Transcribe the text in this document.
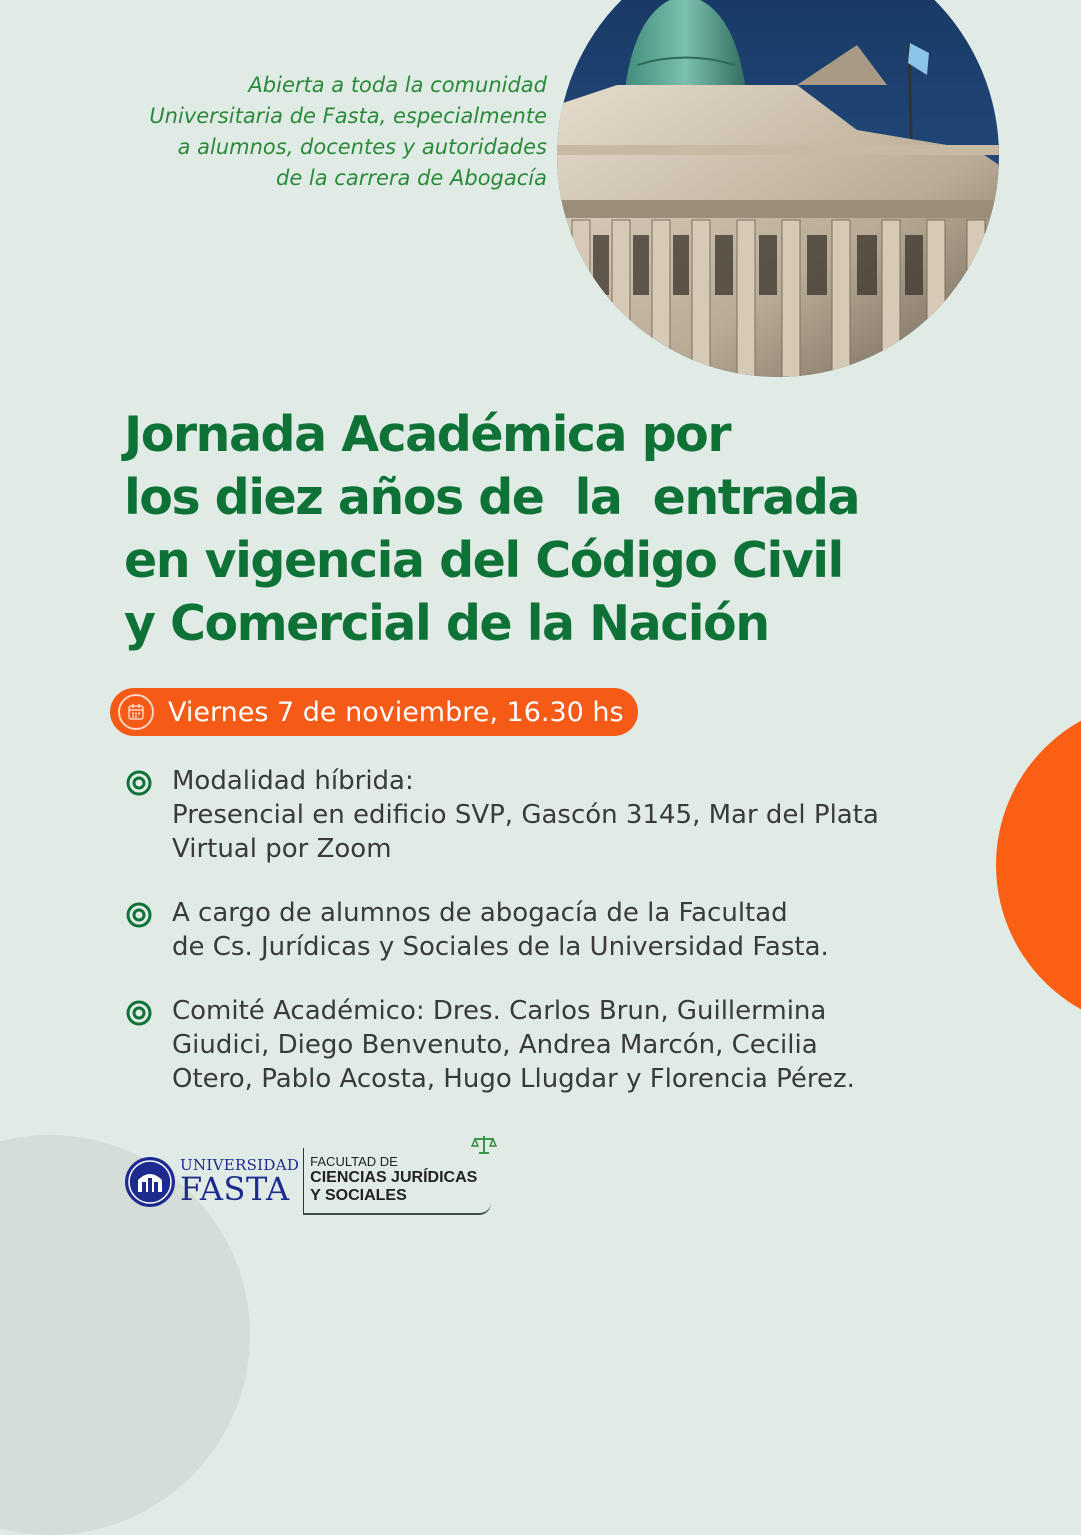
Abierta a toda la comunidad
Universitaria de Fasta, especialmente
a alumnos, docentes y autoridades
de la carrera de Abogacía
Jornada Académica por
los diez años de  la  entrada
en vigencia del Código Civil
y Comercial de la Nación
Viernes 7 de noviembre, 16.30 hs
Modalidad híbrida:
Presencial en edificio SVP, Gascón 3145, Mar del Plata
Virtual por Zoom
A cargo de alumnos de abogacía de la Facultad
de Cs. Jurídicas y Sociales de la Universidad Fasta.
Comité Académico: Dres. Carlos Brun, Guillermina
Giudici, Diego Benvenuto, Andrea Marcón, Cecilia
Otero, Pablo Acosta, Hugo Llugdar y Florencia Pérez.
UNIVERSIDAD
FASTA
FACULTAD DE
CIENCIAS JURÍDICAS
Y SOCIALES
